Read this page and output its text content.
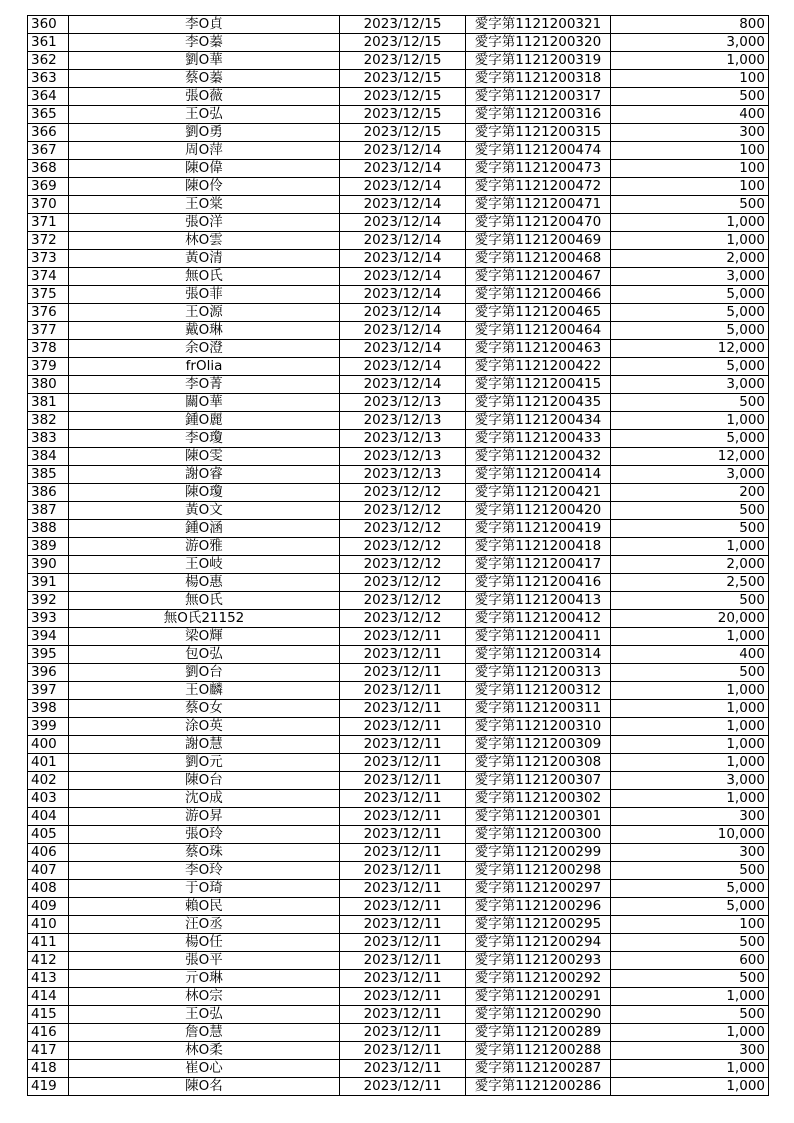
360	李O貞	2023/12/15	愛字第1121200321	800
361	李O蓁	2023/12/15	愛字第1121200320	3,000
362	劉O華	2023/12/15	愛字第1121200319	1,000
363	蔡O蓁	2023/12/15	愛字第1121200318	100
364	張O薇	2023/12/15	愛字第1121200317	500
365	王O弘	2023/12/15	愛字第1121200316	400
366	劉O勇	2023/12/15	愛字第1121200315	300
367	周O萍	2023/12/14	愛字第1121200474	100
368	陳O偉	2023/12/14	愛字第1121200473	100
369	陳O伶	2023/12/14	愛字第1121200472	100
370	王O棠	2023/12/14	愛字第1121200471	500
371	張O洋	2023/12/14	愛字第1121200470	1,000
372	林O雲	2023/12/14	愛字第1121200469	1,000
373	黃O清	2023/12/14	愛字第1121200468	2,000
374	無O氏	2023/12/14	愛字第1121200467	3,000
375	張O菲	2023/12/14	愛字第1121200466	5,000
376	王O源	2023/12/14	愛字第1121200465	5,000
377	戴O琳	2023/12/14	愛字第1121200464	5,000
378	余O澄	2023/12/14	愛字第1121200463	12,000
379	frOlia	2023/12/14	愛字第1121200422	5,000
380	李O菁	2023/12/14	愛字第1121200415	3,000
381	關O華	2023/12/13	愛字第1121200435	500
382	鍾O麗	2023/12/13	愛字第1121200434	1,000
383	李O瓊	2023/12/13	愛字第1121200433	5,000
384	陳O雯	2023/12/13	愛字第1121200432	12,000
385	謝O睿	2023/12/13	愛字第1121200414	3,000
386	陳O瓊	2023/12/12	愛字第1121200421	200
387	黃O文	2023/12/12	愛字第1121200420	500
388	鍾O涵	2023/12/12	愛字第1121200419	500
389	游O雅	2023/12/12	愛字第1121200418	1,000
390	王O岐	2023/12/12	愛字第1121200417	2,000
391	楊O惠	2023/12/12	愛字第1121200416	2,500
392	無O氏	2023/12/12	愛字第1121200413	500
393	無O氏21152	2023/12/12	愛字第1121200412	20,000
394	梁O輝	2023/12/11	愛字第1121200411	1,000
395	包O弘	2023/12/11	愛字第1121200314	400
396	劉O台	2023/12/11	愛字第1121200313	500
397	王O麟	2023/12/11	愛字第1121200312	1,000
398	蔡O女	2023/12/11	愛字第1121200311	1,000
399	涂O英	2023/12/11	愛字第1121200310	1,000
400	謝O慧	2023/12/11	愛字第1121200309	1,000
401	劉O元	2023/12/11	愛字第1121200308	1,000
402	陳O台	2023/12/11	愛字第1121200307	3,000
403	沈O成	2023/12/11	愛字第1121200302	1,000
404	游O昇	2023/12/11	愛字第1121200301	300
405	張O玲	2023/12/11	愛字第1121200300	10,000
406	蔡O珠	2023/12/11	愛字第1121200299	300
407	李O玲	2023/12/11	愛字第1121200298	500
408	于O琦	2023/12/11	愛字第1121200297	5,000
409	賴O民	2023/12/11	愛字第1121200296	5,000
410	汪O丞	2023/12/11	愛字第1121200295	100
411	楊O任	2023/12/11	愛字第1121200294	500
412	張O平	2023/12/11	愛字第1121200293	600
413	亓O琳	2023/12/11	愛字第1121200292	500
414	林O宗	2023/12/11	愛字第1121200291	1,000
415	王O弘	2023/12/11	愛字第1121200290	500
416	詹O慧	2023/12/11	愛字第1121200289	1,000
417	林O柔	2023/12/11	愛字第1121200288	300
418	崔O心	2023/12/11	愛字第1121200287	1,000
419	陳O名	2023/12/11	愛字第1121200286	1,000
